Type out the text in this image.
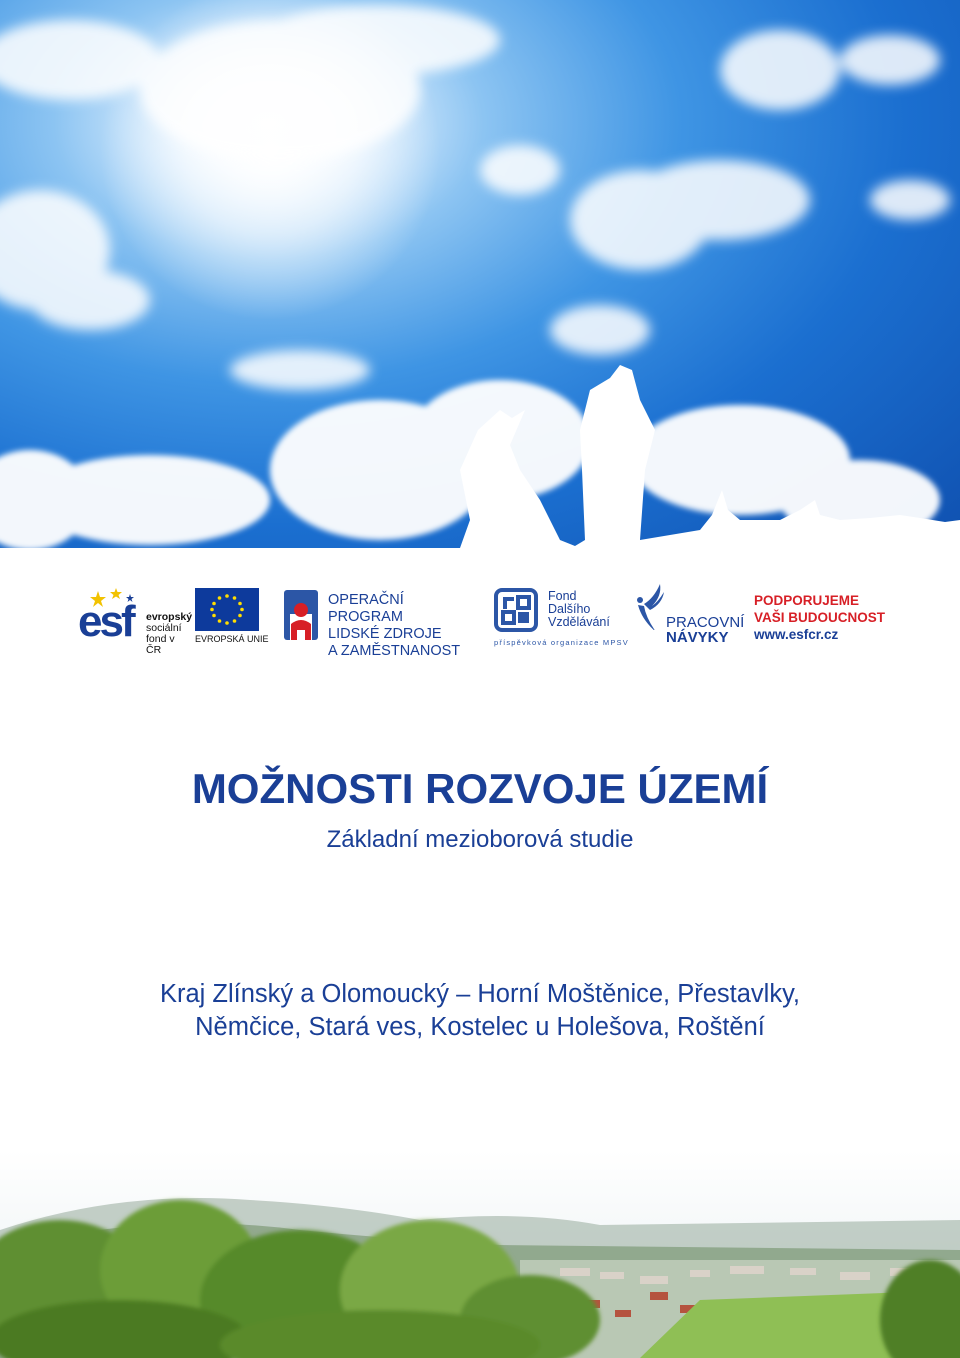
esf evropský
sociální
fond v ČR
EVROPSKÁ UNIE
OPERAČNÍ PROGRAM
LIDSKÉ ZDROJE
A ZAMĚSTNANOST
Fond
Dalšího
Vzdělávání
příspěvková organizace MPSV
PRACOVNÍ
NÁVYKY
PODPORUJEME
VAŠI BUDOUCNOST
www.esfcr.cz
MOŽNOSTI ROZVOJE ÚZEMÍ
Základní mezioborová studie
Kraj Zlínský a Olomoucký – Horní Moštěnice, Přestavlky,
Němčice, Stará ves, Kostelec u Holešova, Roštění
